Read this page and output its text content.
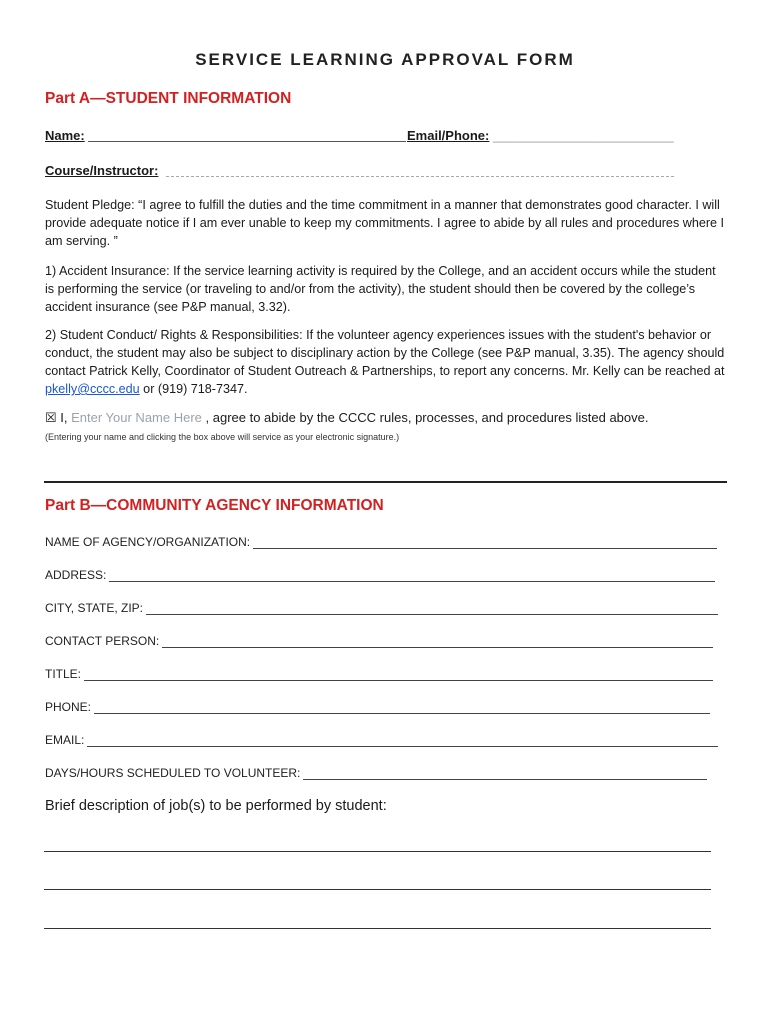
SERVICE LEARNING APPROVAL FORM
Part A—STUDENT INFORMATION
Name:	Email/Phone: _________________________
Course/Instructor:
Student Pledge: “I agree to fulfill the duties and the time commitment in a manner that demonstrates good character. I will provide adequate notice if I am ever unable to keep my commitments. I agree to abide by all rules and procedures where I am serving. ”
1) Accident Insurance: If the service learning activity is required by the College, and an accident occurs while the student is performing the service (or traveling to and/or from the activity), the student should then be covered by the college’s accident insurance (see P&P manual, 3.32).
2) Student Conduct/ Rights & Responsibilities: If the volunteer agency experiences issues with the student's behavior or conduct, the student may also be subject to disciplinary action by the College (see P&P manual, 3.35). The agency should contact Patrick Kelly, Coordinator of Student Outreach & Partnerships, to report any concerns. Mr. Kelly can be reached at pkelly@cccc.edu or (919) 718-7347.
☒ I, Enter Your Name Here , agree to abide by the CCCC rules, processes, and procedures listed above.
(Entering your name and clicking the box above will service as your electronic signature.)
Part B—COMMUNITY AGENCY INFORMATION
NAME OF AGENCY/ORGANIZATION:
ADDRESS:
CITY, STATE, ZIP:
CONTACT PERSON:
TITLE:
PHONE:
EMAIL:
DAYS/HOURS SCHEDULED TO VOLUNTEER:
Brief description of job(s) to be performed by student:
